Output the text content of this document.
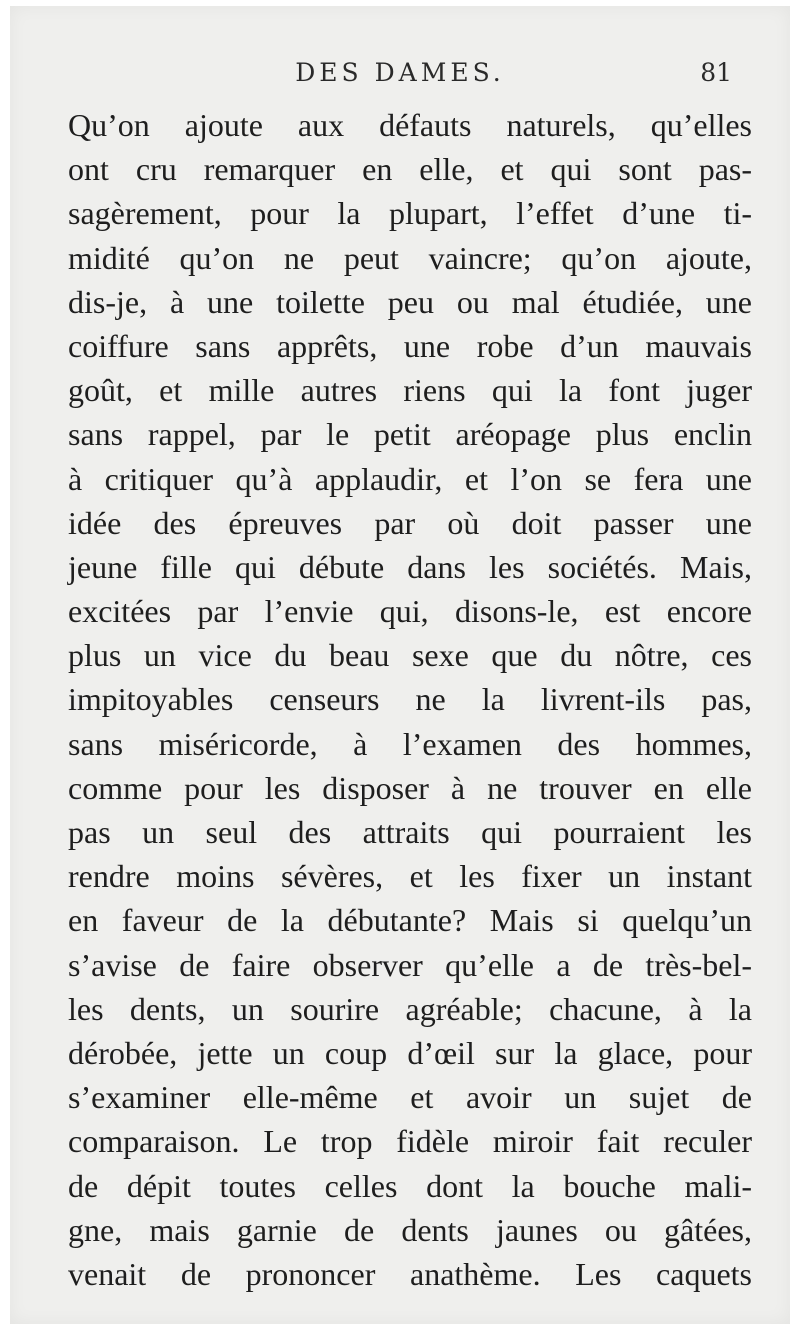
DES DAMES.	81
Qu’on ajoute aux défauts naturels, qu’elles
ont cru remarquer en elle, et qui sont pas-
sagèrement, pour la plupart, l’effet d’une ti-
midité qu’on ne peut vaincre; qu’on ajoute,
dis-je, à une toilette peu ou mal étudiée, une
coiffure sans apprêts, une robe d’un mauvais
goût, et mille autres riens qui la font juger
sans rappel, par le petit aréopage plus enclin
à critiquer qu’à applaudir, et l’on se fera une
idée des épreuves par où doit passer une
jeune fille qui débute dans les sociétés. Mais,
excitées par l’envie qui, disons-le, est encore
plus un vice du beau sexe que du nôtre, ces
impitoyables censeurs ne la livrent-ils pas,
sans miséricorde, à l’examen des hommes,
comme pour les disposer à ne trouver en elle
pas un seul des attraits qui pourraient les
rendre moins sévères, et les fixer un instant
en faveur de la débutante? Mais si quelqu’un
s’avise de faire observer qu’elle a de très-bel-
les dents, un sourire agréable; chacune, à la
dérobée, jette un coup d’œil sur la glace, pour
s’examiner elle-même et avoir un sujet de
comparaison. Le trop fidèle miroir fait reculer
de dépit toutes celles dont la bouche mali-
gne, mais garnie de dents jaunes ou gâtées,
venait de prononcer anathème. Les caquets
